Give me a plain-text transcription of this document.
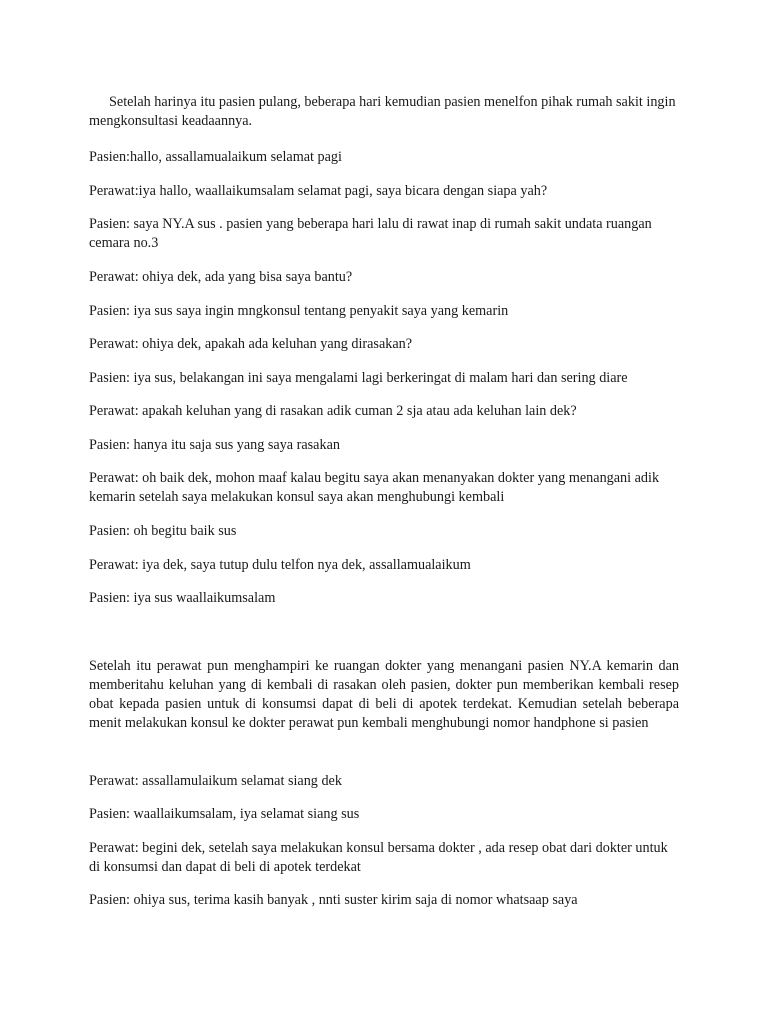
Setelah harinya itu pasien pulang, beberapa hari kemudian pasien menelfon pihak rumah sakit ingin mengkonsultasi keadaannya.

Pasien:hallo, assallamualaikum selamat pagi

Perawat:iya hallo, waallaikumsalam selamat pagi, saya bicara dengan siapa yah?

Pasien: saya NY.A sus . pasien yang beberapa hari lalu di rawat inap di rumah sakit undata ruangan cemara no.3

Perawat: ohiya dek, ada yang bisa saya bantu?

Pasien: iya sus saya ingin mngkonsul tentang penyakit saya yang kemarin

Perawat: ohiya dek, apakah ada keluhan yang dirasakan?

Pasien: iya sus, belakangan ini saya mengalami lagi berkeringat di malam hari dan sering diare

Perawat: apakah keluhan yang di rasakan adik cuman 2 sja atau ada keluhan lain dek?

Pasien: hanya itu saja sus yang saya rasakan

Perawat: oh baik dek, mohon maaf kalau begitu saya akan menanyakan dokter yang menangani adik kemarin setelah saya melakukan konsul saya akan menghubungi kembali

Pasien: oh begitu baik sus

Perawat: iya dek, saya tutup dulu telfon nya dek, assallamualaikum

Pasien: iya sus waallaikumsalam

Setelah itu perawat pun menghampiri ke ruangan dokter yang menangani pasien NY.A kemarin dan memberitahu keluhan yang di kembali di rasakan oleh pasien, dokter pun memberikan kembali resep obat kepada pasien untuk di konsumsi dapat di beli di apotek terdekat. Kemudian setelah beberapa menit melakukan konsul ke dokter perawat pun kembali menghubungi nomor handphone si pasien

Perawat: assallamulaikum selamat siang dek

Pasien: waallaikumsalam, iya selamat siang sus

Perawat: begini dek, setelah saya melakukan konsul bersama dokter , ada resep obat dari dokter untuk di konsumsi dan dapat di beli di apotek terdekat

Pasien: ohiya sus, terima kasih banyak , nnti suster kirim saja di nomor whatsaap saya
